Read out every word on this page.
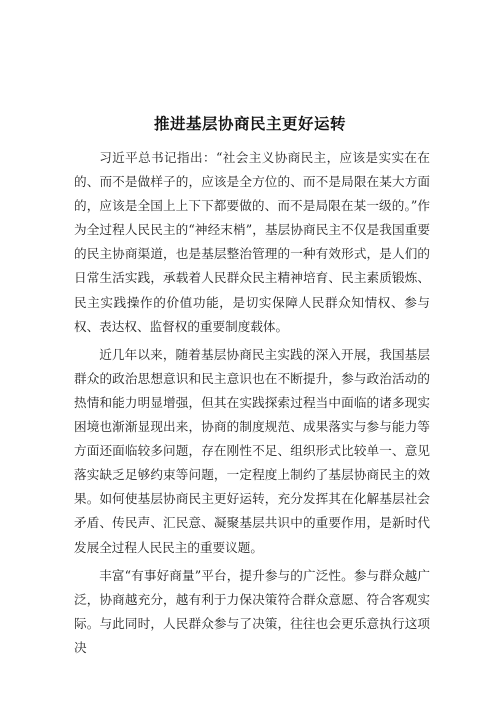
推进基层协商民主更好运转

习近平总书记指出：“社会主义协商民主，应该是实实在在的、而不是做样子的，应该是全方位的、而不是局限在某大方面的，应该是全国上上下下都要做的、而不是局限在某一级的。”作为全过程人民民主的“神经末梢”，基层协商民主不仅是我国重要的民主协商渠道，也是基层整治管理的一种有效形式，是人们的日常生活实践，承载着人民群众民主精神培育、民主素质锻炼、民主实践操作的价值功能，是切实保障人民群众知情权、参与权、表达权、监督权的重要制度载体。

近几年以来，随着基层协商民主实践的深入开展，我国基层群众的政治思想意识和民主意识也在不断提升，参与政治活动的热情和能力明显增强，但其在实践探索过程当中面临的诸多现实困境也渐渐显现出来，协商的制度规范、成果落实与参与能力等方面还面临较多问题，存在刚性不足、组织形式比较单一、意见落实缺乏足够约束等问题，一定程度上制约了基层协商民主的效果。如何使基层协商民主更好运转，充分发挥其在化解基层社会矛盾、传民声、汇民意、凝聚基层共识中的重要作用，是新时代发展全过程人民民主的重要议题。

丰富“有事好商量”平台，提升参与的广泛性。参与群众越广泛，协商越充分，越有利于力保决策符合群众意愿、符合客观实际。与此同时，人民群众参与了决策，往往也会更乐意执行这项决
